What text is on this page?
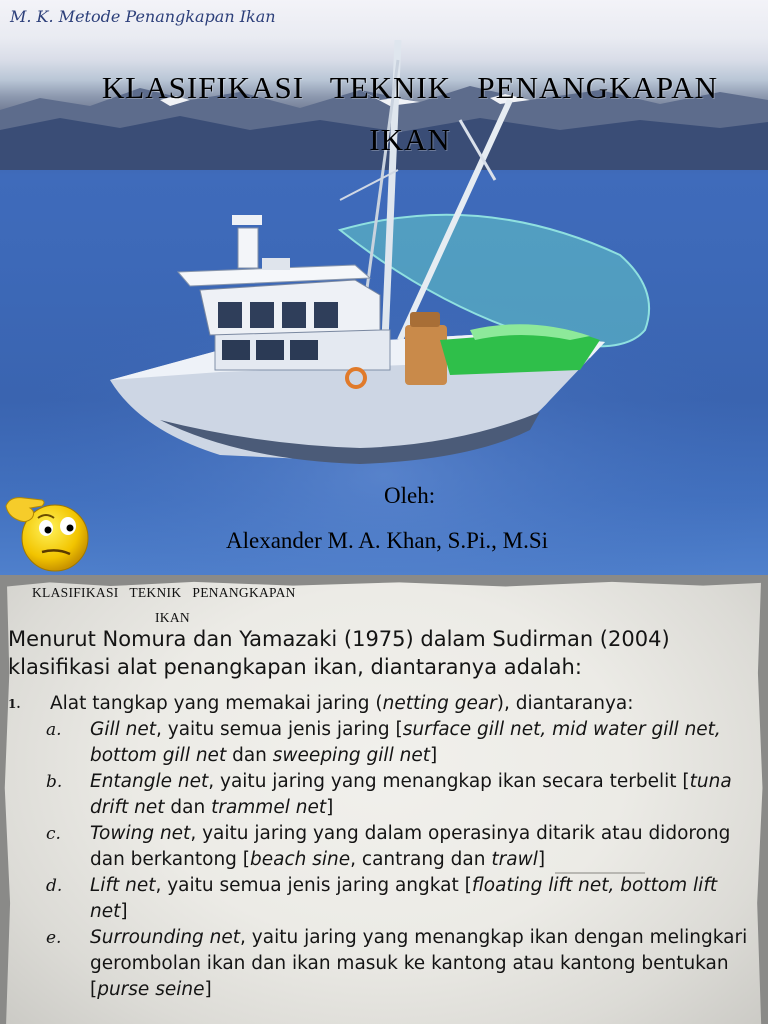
M. K. Metode Penangkapan Ikan
KLASIFIKASI   TEKNIK   PENANGKAPAN
IKAN
Oleh:
Alexander M. A. Khan, S.Pi., M.Si
KLASIFIKASI   TEKNIK   PENANGKAPAN
IKAN
Menurut Nomura dan Yamazaki (1975) dalam Sudirman (2004) klasifikasi alat penangkapan ikan, diantaranya adalah:
1.	Alat tangkap yang memakai jaring (netting gear), diantaranya:
a. Gill net, yaitu semua jenis jaring [surface gill net, mid water gill net, bottom gill net dan sweeping gill net]
b. Entangle net, yaitu jaring yang menangkap ikan secara terbelit [tuna drift net dan trammel net]
c. Towing net, yaitu jaring yang dalam operasinya ditarik atau didorong dan berkantong [beach sine, cantrang dan trawl]
d. Lift net, yaitu semua jenis jaring angkat [floating lift net, bottom lift net]
e. Surrounding net, yaitu jaring yang menangkap ikan dengan melingkari gerombolan ikan dan ikan masuk ke kantong atau kantong bentukan [purse seine]
